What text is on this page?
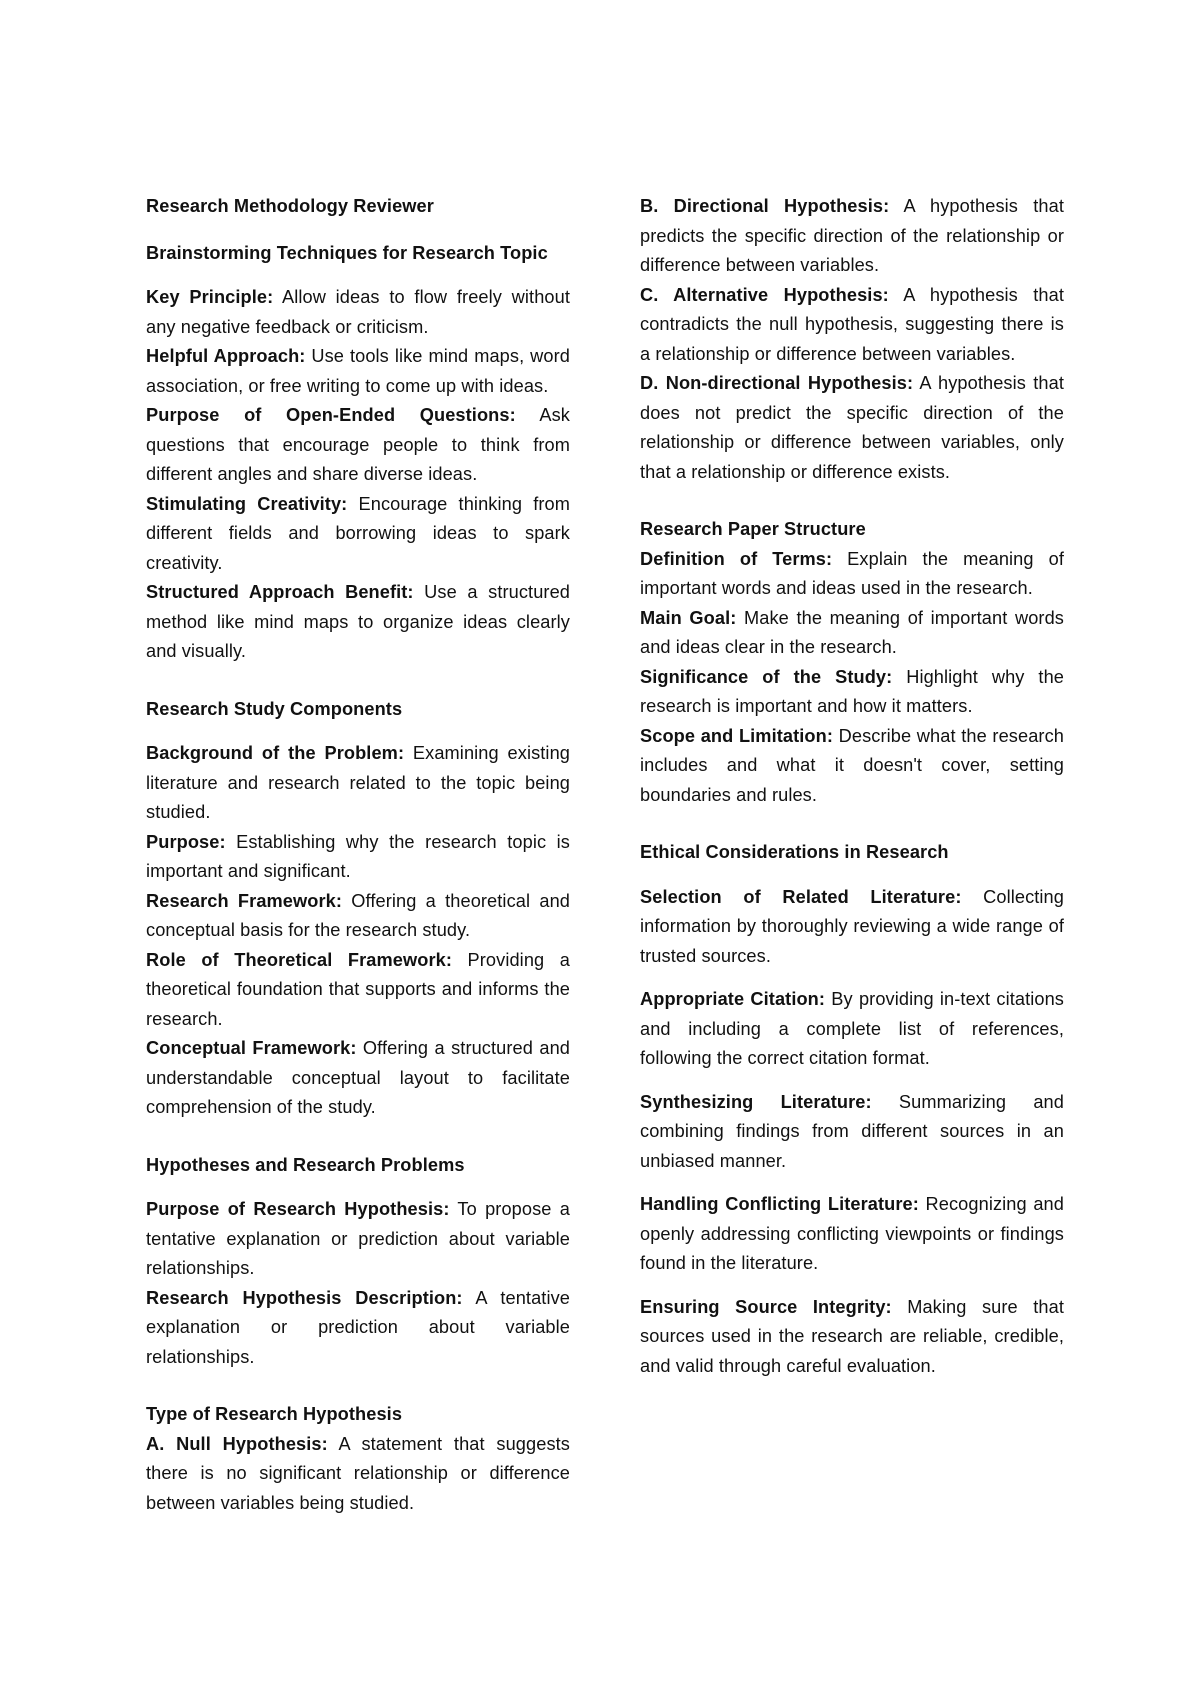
Research Methodology Reviewer

Brainstorming Techniques for Research Topic

Key Principle: Allow ideas to flow freely without any negative feedback or criticism.

Helpful Approach: Use tools like mind maps, word association, or free writing to come up with ideas.

Purpose of Open-Ended Questions: Ask questions that encourage people to think from different angles and share diverse ideas.

Stimulating Creativity: Encourage thinking from different fields and borrowing ideas to spark creativity.

Structured Approach Benefit: Use a structured method like mind maps to organize ideas clearly and visually.

Research Study Components

Background of the Problem: Examining existing literature and research related to the topic being studied.

Purpose: Establishing why the research topic is important and significant.

Research Framework: Offering a theoretical and conceptual basis for the research study.

Role of Theoretical Framework: Providing a theoretical foundation that supports and informs the research.

Conceptual Framework: Offering a structured and understandable conceptual layout to facilitate comprehension of the study.

Hypotheses and Research Problems

Purpose of Research Hypothesis: To propose a tentative explanation or prediction about variable relationships.

Research Hypothesis Description: A tentative explanation or prediction about variable relationships.

Type of Research Hypothesis

A. Null Hypothesis: A statement that suggests there is no significant relationship or difference between variables being studied.

B. Directional Hypothesis: A hypothesis that predicts the specific direction of the relationship or difference between variables.

C. Alternative Hypothesis: A hypothesis that contradicts the null hypothesis, suggesting there is a relationship or difference between variables.

D. Non-directional Hypothesis: A hypothesis that does not predict the specific direction of the relationship or difference between variables, only that a relationship or difference exists.

Research Paper Structure

Definition of Terms: Explain the meaning of important words and ideas used in the research.

Main Goal: Make the meaning of important words and ideas clear in the research.

Significance of the Study: Highlight why the research is important and how it matters.

Scope and Limitation: Describe what the research includes and what it doesn't cover, setting boundaries and rules.

Ethical Considerations in Research

Selection of Related Literature: Collecting information by thoroughly reviewing a wide range of trusted sources.

Appropriate Citation: By providing in-text citations and including a complete list of references, following the correct citation format.

Synthesizing Literature: Summarizing and combining findings from different sources in an unbiased manner.

Handling Conflicting Literature: Recognizing and openly addressing conflicting viewpoints or findings found in the literature.

Ensuring Source Integrity: Making sure that sources used in the research are reliable, credible, and valid through careful evaluation.
